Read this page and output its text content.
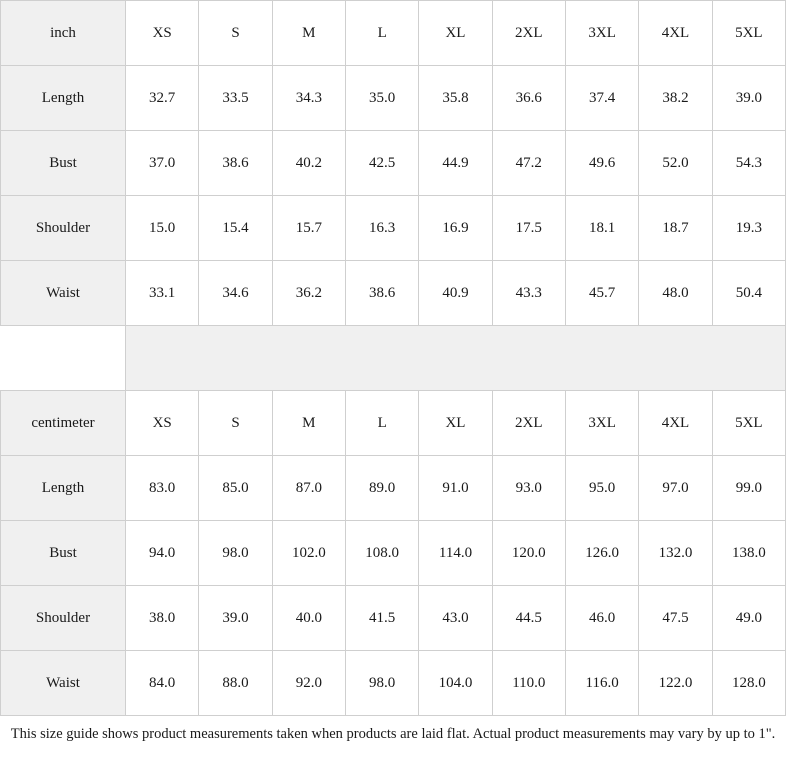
inch	XS	S	M	L	XL	2XL	3XL	4XL	5XL
Length	32.7	33.5	34.3	35.0	35.8	36.6	37.4	38.2	39.0
Bust	37.0	38.6	40.2	42.5	44.9	47.2	49.6	52.0	54.3
Shoulder	15.0	15.4	15.7	16.3	16.9	17.5	18.1	18.7	19.3
Waist	33.1	34.6	36.2	38.6	40.9	43.3	45.7	48.0	50.4
centimeter	XS	S	M	L	XL	2XL	3XL	4XL	5XL
Length	83.0	85.0	87.0	89.0	91.0	93.0	95.0	97.0	99.0
Bust	94.0	98.0	102.0	108.0	114.0	120.0	126.0	132.0	138.0
Shoulder	38.0	39.0	40.0	41.5	43.0	44.5	46.0	47.5	49.0
Waist	84.0	88.0	92.0	98.0	104.0	110.0	116.0	122.0	128.0
This size guide shows product measurements taken when products are laid flat. Actual product measurements may vary by up to 1".
